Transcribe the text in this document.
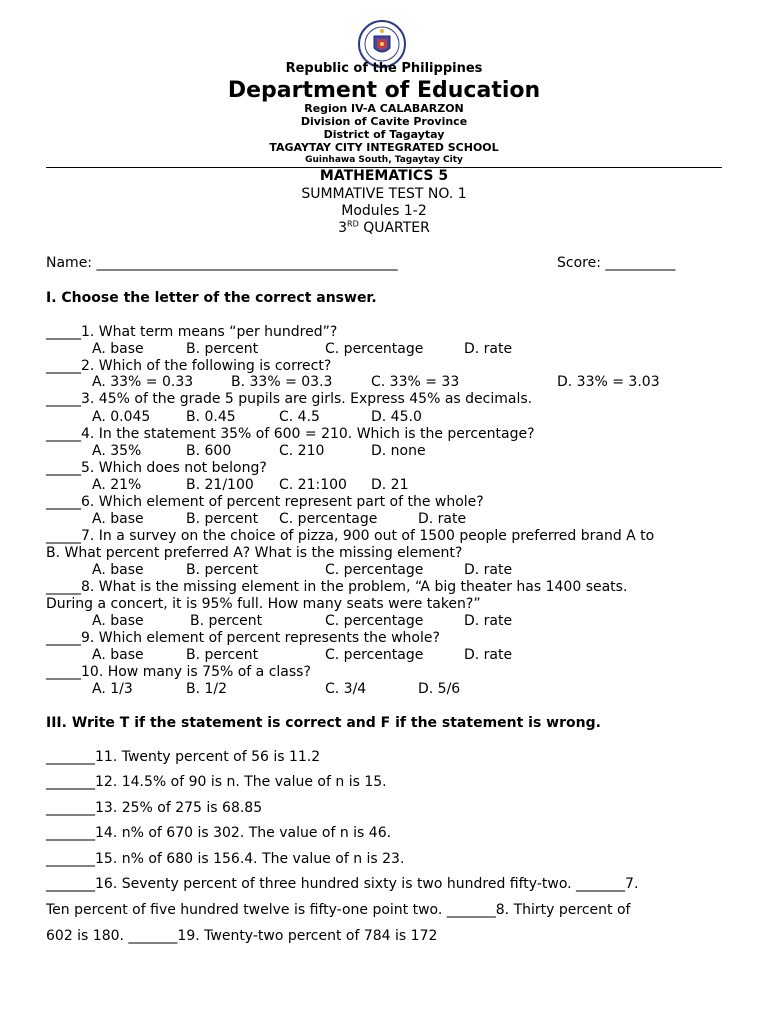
Republic of the Philippines
Department of Education
Region IV-A CALABARZON
Division of Cavite Province
District of Tagaytay
TAGAYTAY CITY INTEGRATED SCHOOL
Guinhawa South, Tagaytay City
MATHEMATICS 5
SUMMATIVE TEST NO. 1
Modules 1-2
3RD QUARTER
Name: ___________________________________________	Score: __________
I. Choose the letter of the correct answer.
_____1. What term means “per hundred”?
A. base	B. percent	C. percentage	D. rate
_____2. Which of the following is correct?
A. 33% = 0.33	B. 33% = 03.3	C. 33% = 33	D. 33% = 3.03
_____3. 45% of the grade 5 pupils are girls. Express 45% as decimals.
A. 0.045	B. 0.45	C. 4.5	D. 45.0
_____4. In the statement 35% of 600 = 210. Which is the percentage?
A. 35%	B. 600	C. 210	D. none
_____5. Which does not belong?
A. 21%	B. 21/100 C. 21:100 D. 21
_____6. Which element of percent represent part of the whole?
A. base	B. percent C. percentage	D. rate
_____7. In a survey on the choice of pizza, 900 out of 1500 people preferred brand A to
B. What percent preferred A? What is the missing element?
A. base	B. percent	C. percentage	D. rate
_____8. What is the missing element in the problem, “A big theater has 1400 seats.
During a concert, it is 95% full. How many seats were taken?”
A. base	B. percent	C. percentage	D. rate
_____9. Which element of percent represents the whole?
A. base	B. percent	C. percentage	D. rate
_____10. How many is 75% of a class?
A. 1/3	B. 1/2	C. 3/4	D. 5/6
III. Write T if the statement is correct and F if the statement is wrong.
_______11. Twenty percent of 56 is 11.2
_______12. 14.5% of 90 is n. The value of n is 15.
_______13. 25% of 275 is 68.85
_______14. n% of 670 is 302. The value of n is 46.
_______15. n% of 680 is 156.4. The value of n is 23.
_______16. Seventy percent of three hundred sixty is two hundred fifty-two. _______7.
Ten percent of five hundred twelve is fifty-one point two. _______8. Thirty percent of
602 is 180. _______19. Twenty-two percent of 784 is 172
